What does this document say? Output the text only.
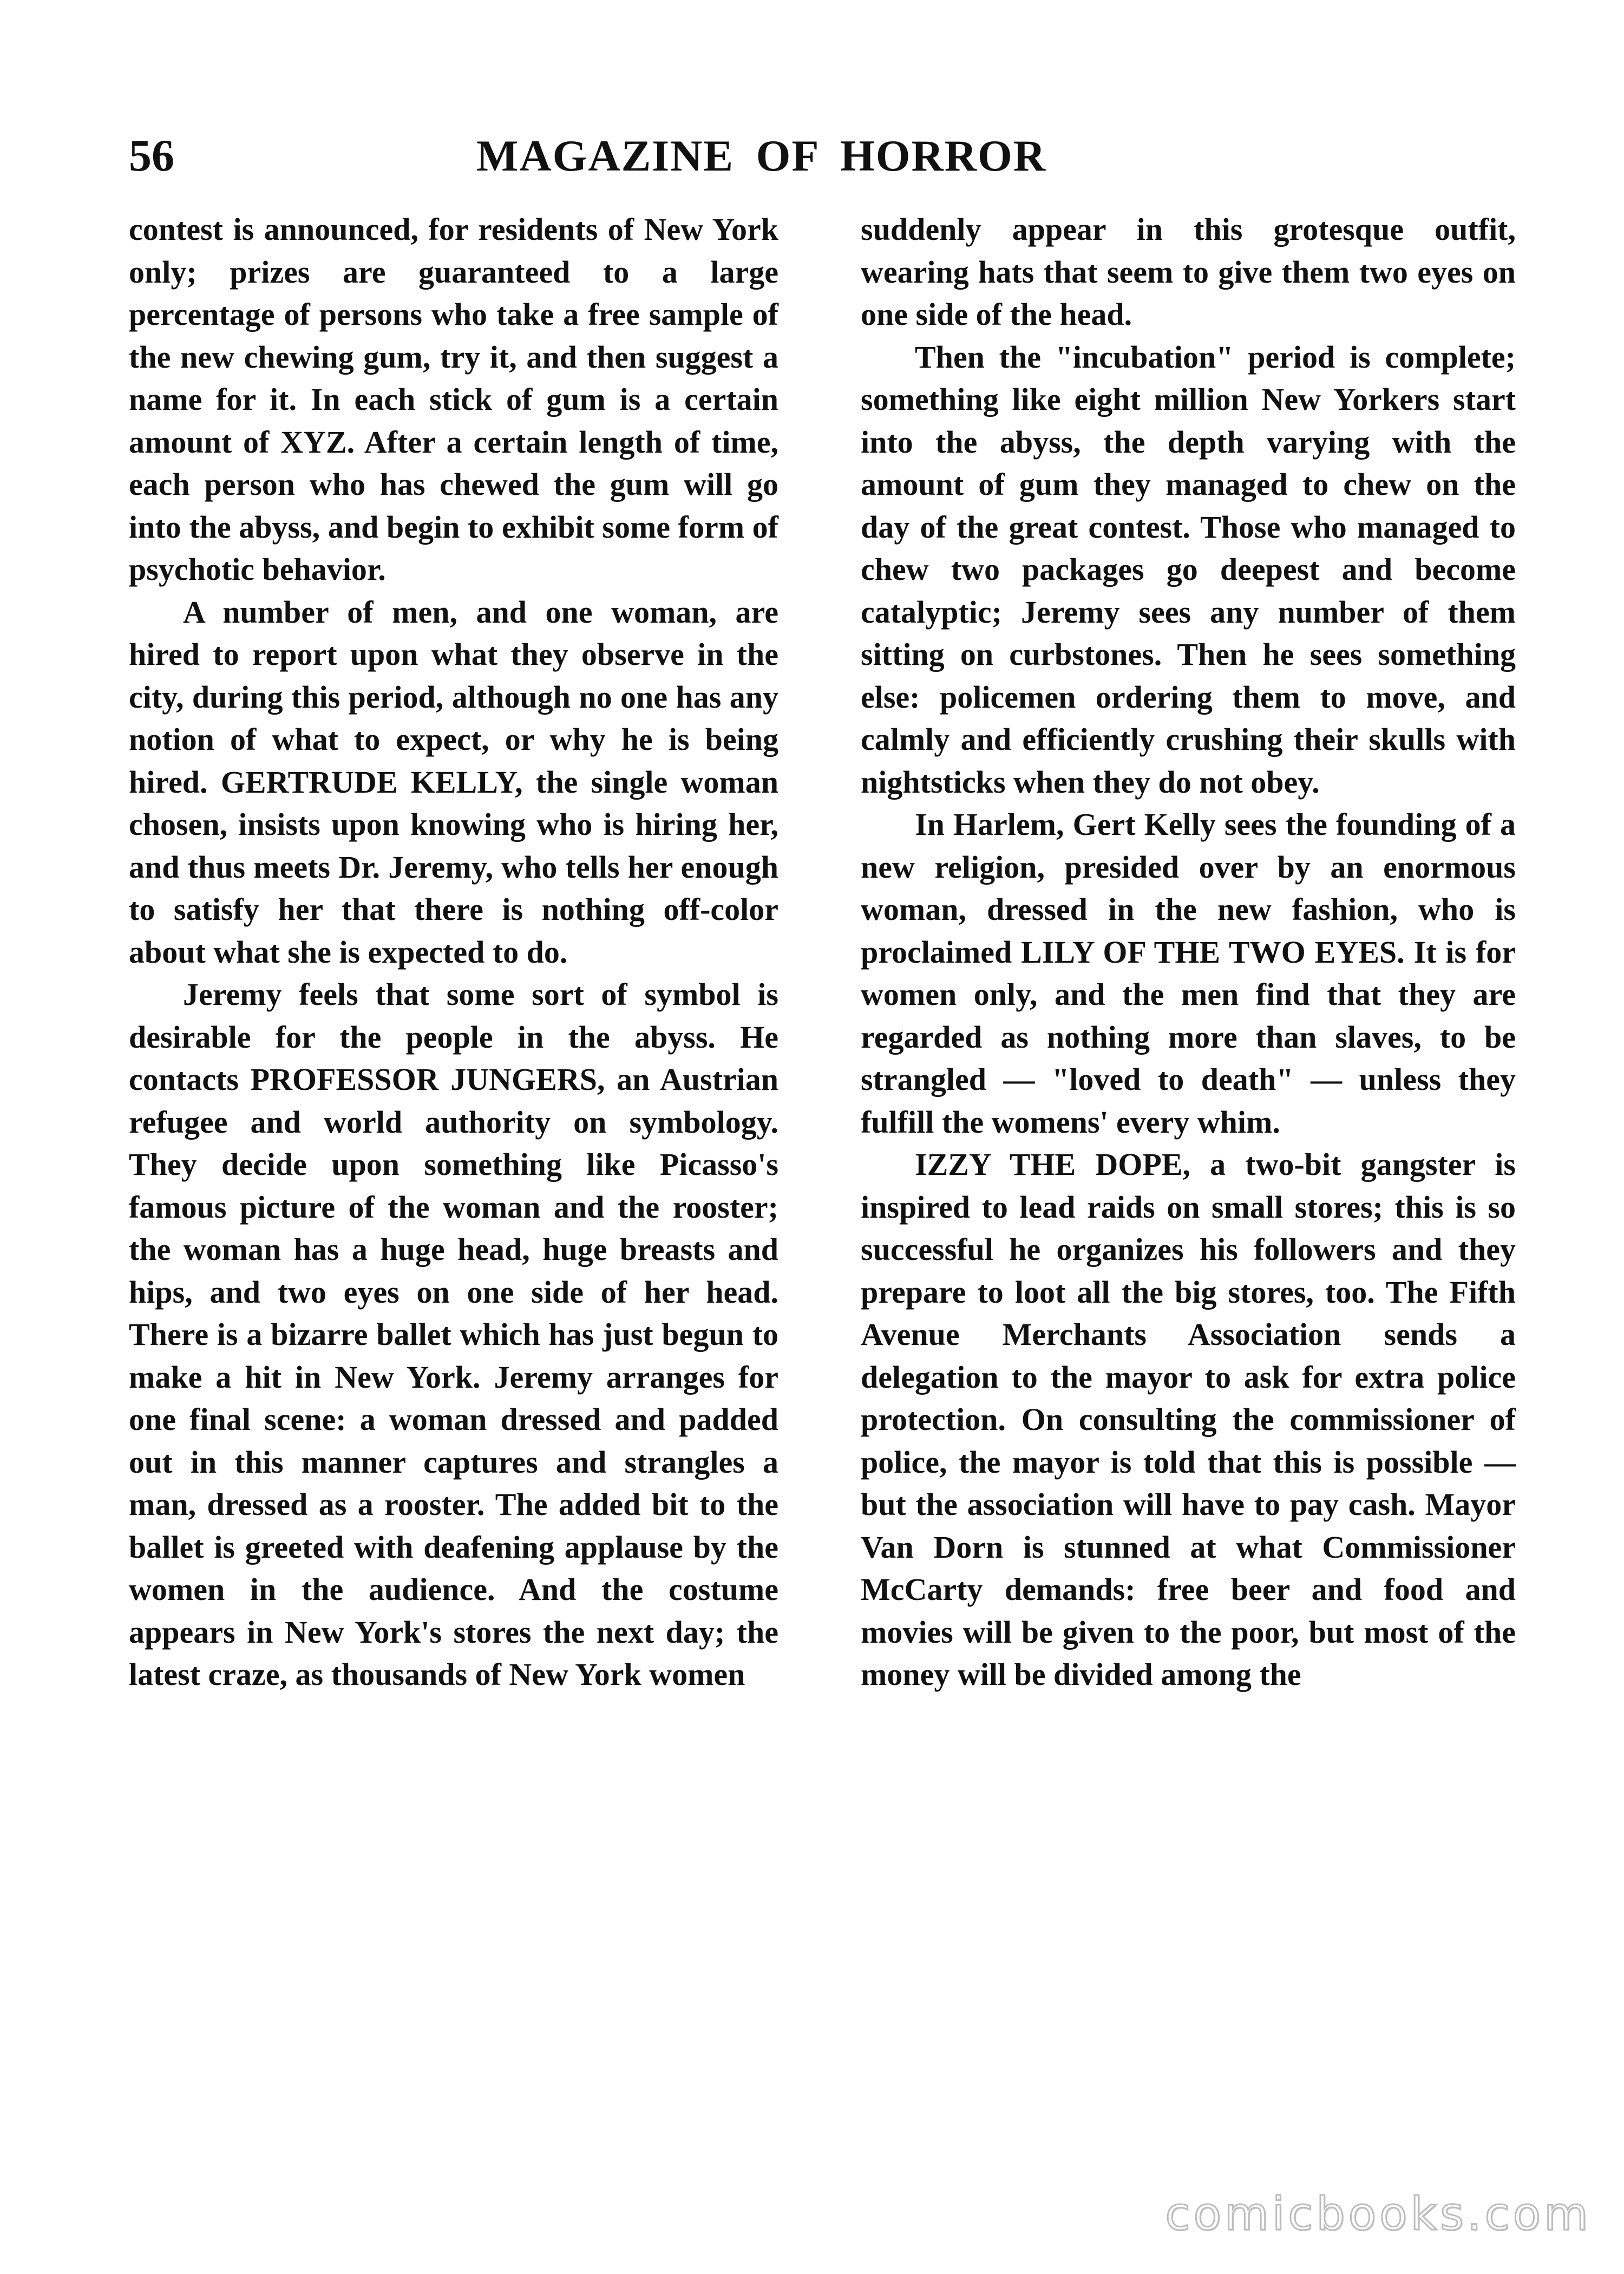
56	MAGAZINE OF HORROR

contest is announced, for residents of New York only; prizes are guaranteed to a large percentage of persons who take a free sample of the new chewing gum, try it, and then suggest a name for it. In each stick of gum is a certain amount of XYZ. After a certain length of time, each person who has chewed the gum will go into the abyss, and begin to exhibit some form of psychotic behavior.

A number of men, and one woman, are hired to report upon what they observe in the city, during this period, although no one has any notion of what to expect, or why he is being hired. GERTRUDE KELLY, the single woman chosen, insists upon knowing who is hiring her, and thus meets Dr. Jeremy, who tells her enough to satisfy her that there is nothing off-color about what she is expected to do.

Jeremy feels that some sort of symbol is desirable for the people in the abyss. He contacts PROFESSOR JUNGERS, an Austrian refugee and world authority on symbology. They decide upon something like Picasso's famous picture of the woman and the rooster; the woman has a huge head, huge breasts and hips, and two eyes on one side of her head. There is a bizarre ballet which has just begun to make a hit in New York. Jeremy arranges for one final scene: a woman dressed and padded out in this manner captures and strangles a man, dressed as a rooster. The added bit to the ballet is greeted with deafening applause by the women in the audience. And the costume appears in New York's stores the next day; the latest craze, as thousands of New York women

suddenly appear in this grotesque outfit, wearing hats that seem to give them two eyes on one side of the head.

Then the "incubation" period is complete; something like eight million New Yorkers start into the abyss, the depth varying with the amount of gum they managed to chew on the day of the great contest. Those who managed to chew two packages go deepest and become catalyptic; Jeremy sees any number of them sitting on curbstones. Then he sees something else: policemen ordering them to move, and calmly and efficiently crushing their skulls with nightsticks when they do not obey.

In Harlem, Gert Kelly sees the founding of a new religion, presided over by an enormous woman, dressed in the new fashion, who is proclaimed LILY OF THE TWO EYES. It is for women only, and the men find that they are regarded as nothing more than slaves, to be strangled — "loved to death" — unless they fulfill the womens' every whim.

IZZY THE DOPE, a two-bit gangster is inspired to lead raids on small stores; this is so successful he organizes his followers and they prepare to loot all the big stores, too. The Fifth Avenue Merchants Association sends a delegation to the mayor to ask for extra police protection. On consulting the commissioner of police, the mayor is told that this is possible — but the association will have to pay cash. Mayor Van Dorn is stunned at what Commissioner McCarty demands: free beer and food and movies will be given to the poor, but most of the money will be divided among the

comicbooks.com
